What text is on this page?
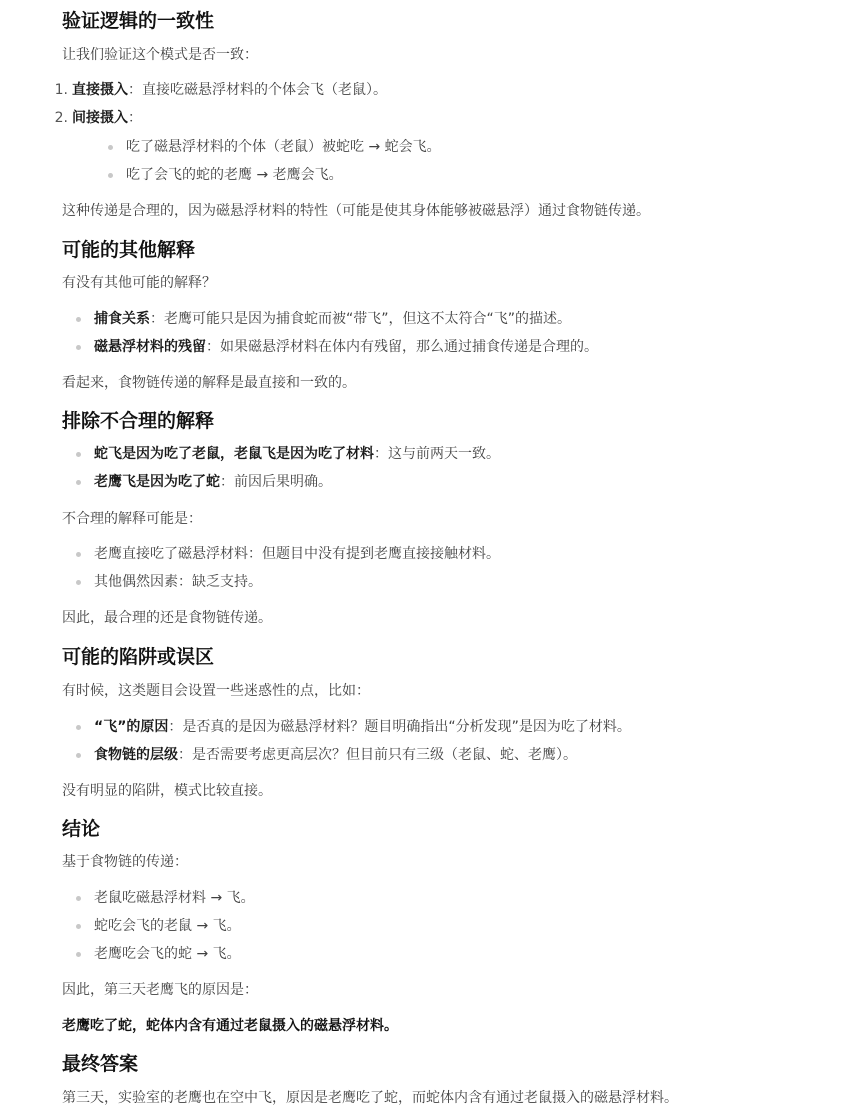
验证逻辑的一致性
让我们验证这个模式是否一致：
1. 直接摄入：直接吃磁悬浮材料的个体会飞（老鼠）。
2. 间接摄入：
吃了磁悬浮材料的个体（老鼠）被蛇吃 → 蛇会飞。
吃了会飞的蛇的老鹰 → 老鹰会飞。
这种传递是合理的，因为磁悬浮材料的特性（可能是使其身体能够被磁悬浮）通过食物链传递。
可能的其他解释
有没有其他可能的解释？
捕食关系：老鹰可能只是因为捕食蛇而被“带飞”，但这不太符合“飞”的描述。
磁悬浮材料的残留：如果磁悬浮材料在体内有残留，那么通过捕食传递是合理的。
看起来，食物链传递的解释是最直接和一致的。
排除不合理的解释
蛇飞是因为吃了老鼠，老鼠飞是因为吃了材料：这与前两天一致。
老鹰飞是因为吃了蛇：前因后果明确。
不合理的解释可能是：
老鹰直接吃了磁悬浮材料：但题目中没有提到老鹰直接接触材料。
其他偶然因素：缺乏支持。
因此，最合理的还是食物链传递。
可能的陷阱或误区
有时候，这类题目会设置一些迷惑性的点，比如：
“飞”的原因：是否真的是因为磁悬浮材料？题目明确指出“分析发现”是因为吃了材料。
食物链的层级：是否需要考虑更高层次？但目前只有三级（老鼠、蛇、老鹰）。
没有明显的陷阱，模式比较直接。
结论
基于食物链的传递：
老鼠吃磁悬浮材料 → 飞。
蛇吃会飞的老鼠 → 飞。
老鹰吃会飞的蛇 → 飞。
因此，第三天老鹰飞的原因是：
老鹰吃了蛇，蛇体内含有通过老鼠摄入的磁悬浮材料。
最终答案
第三天，实验室的老鹰也在空中飞，原因是老鹰吃了蛇，而蛇体内含有通过老鼠摄入的磁悬浮材料。
